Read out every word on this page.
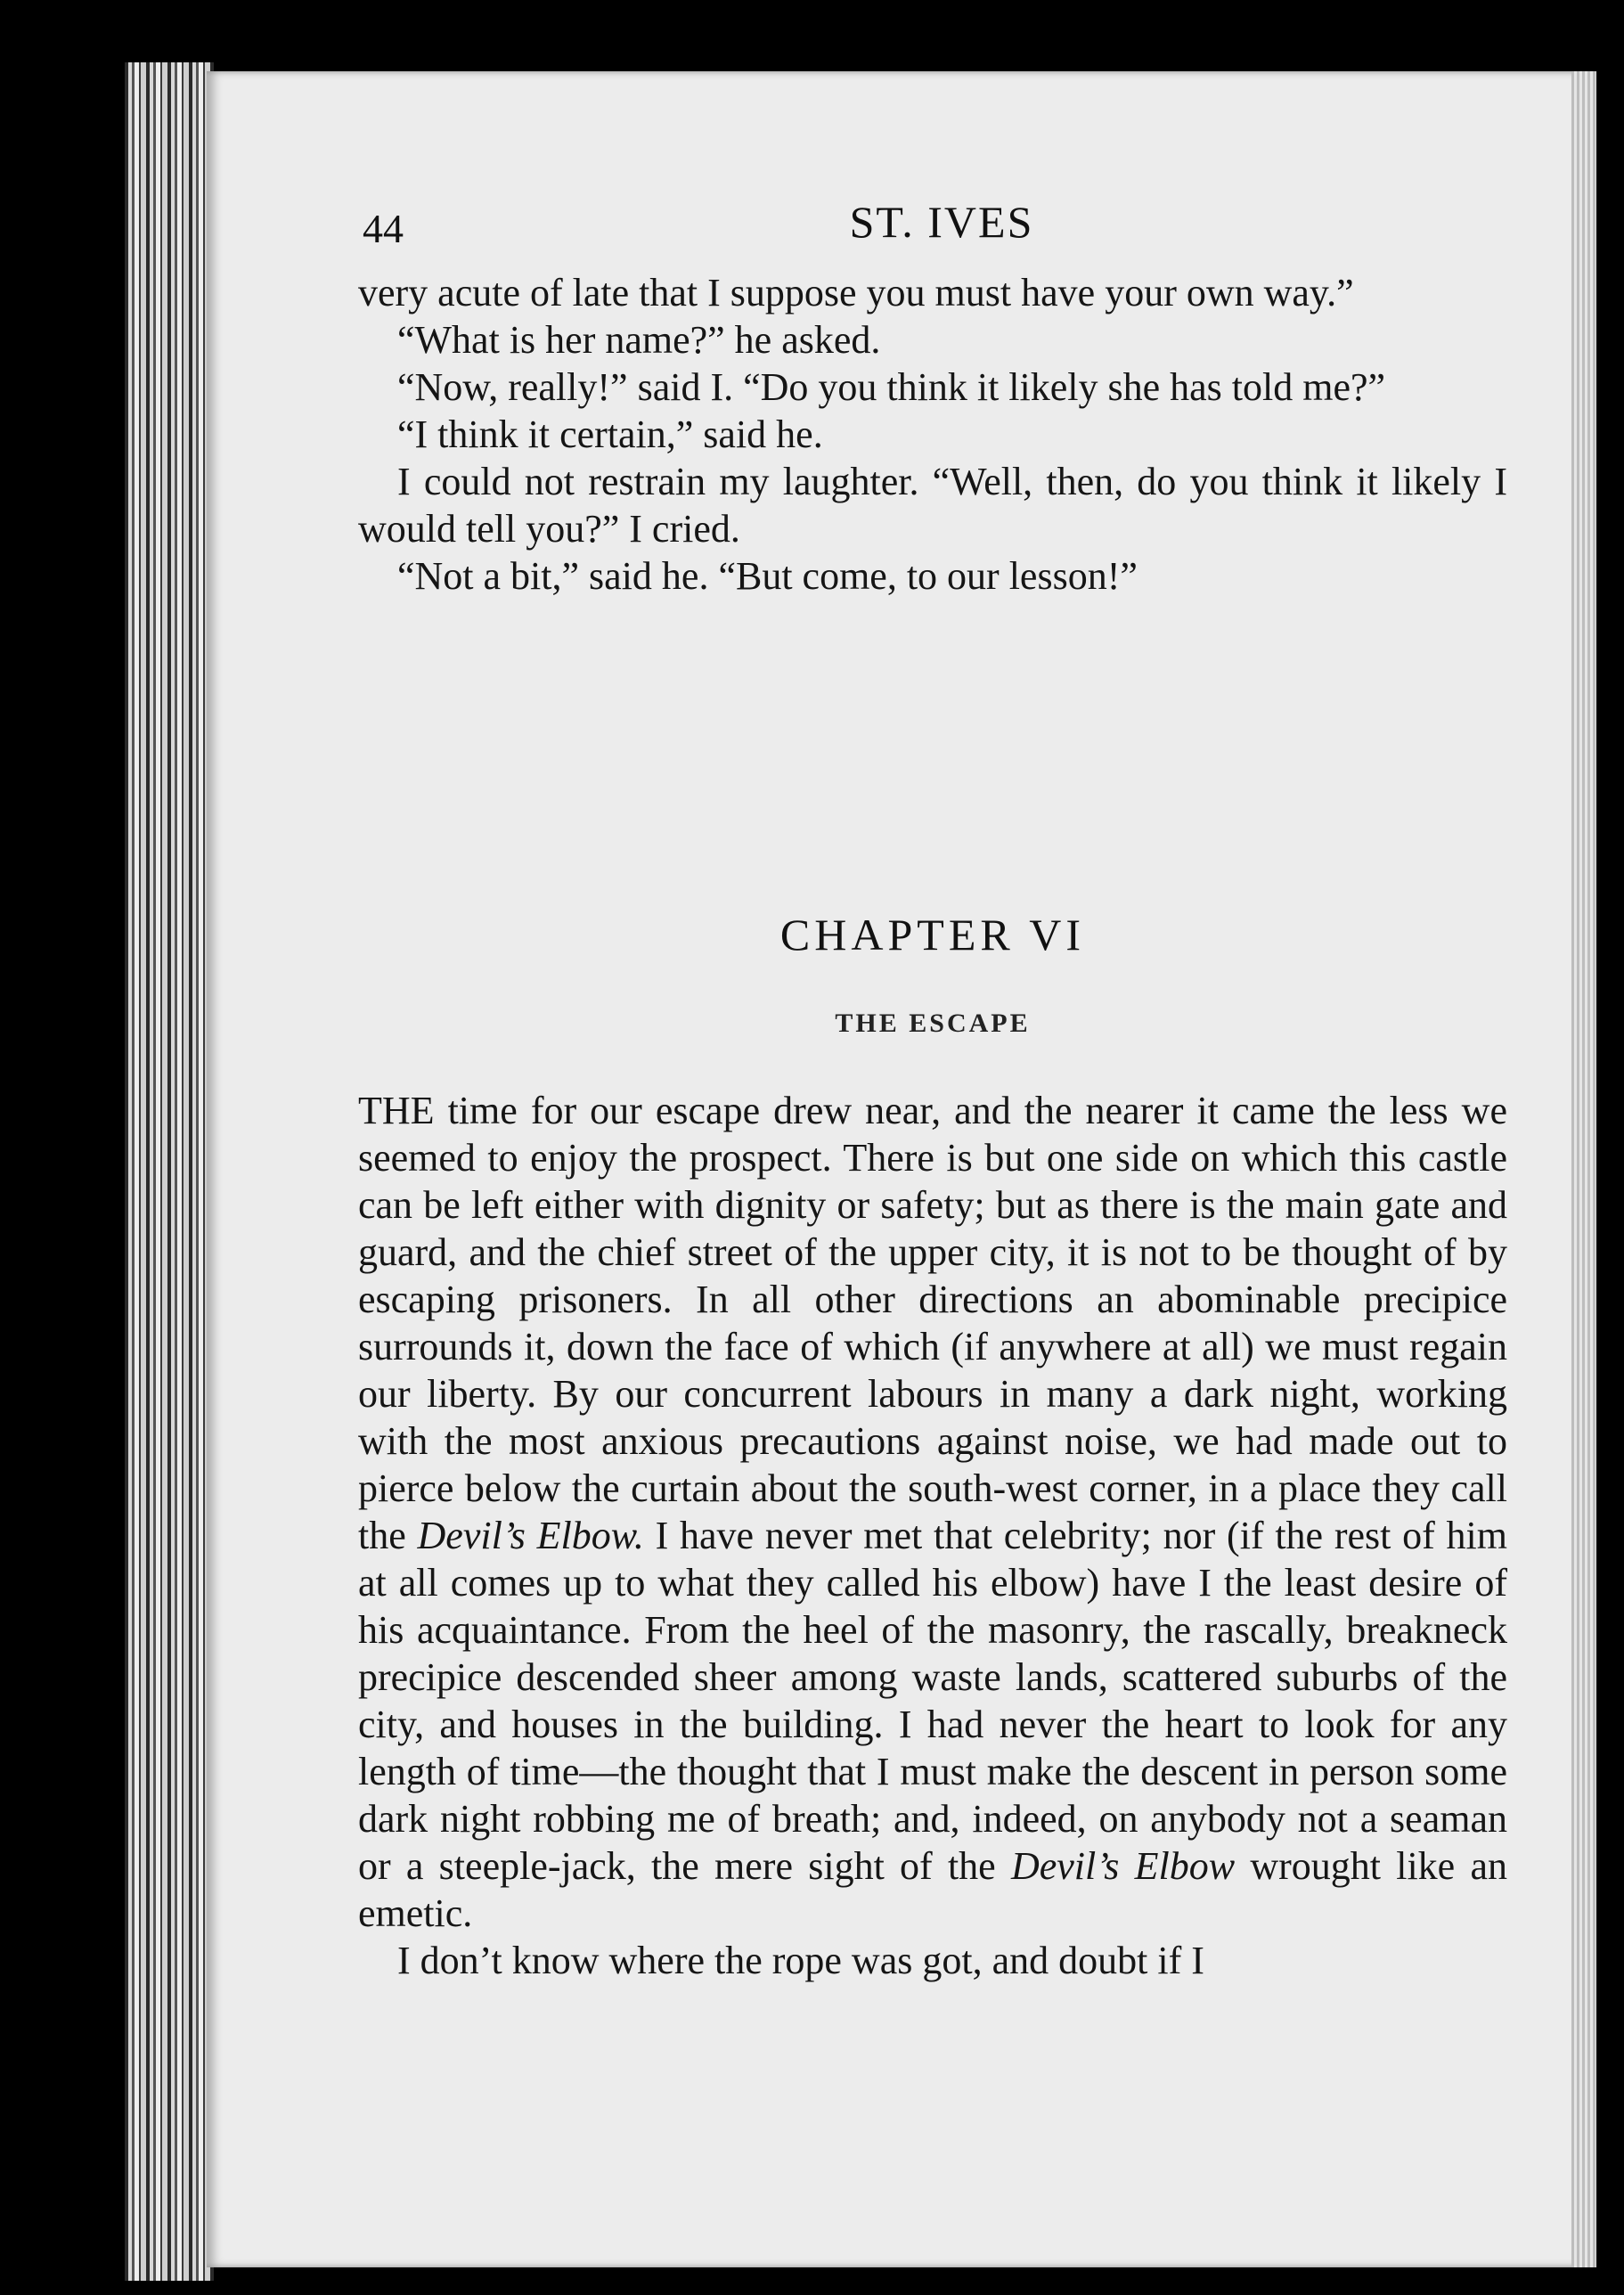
44	ST. IVES

very acute of late that I suppose you must have your own way.”

“What is her name?” he asked.

“Now, really!” said I. “Do you think it likely she has told me?”

“I think it certain,” said he.

I could not restrain my laughter. “Well, then, do you think it likely I would tell you?” I cried.

“Not a bit,” said he. “But come, to our lesson!”

CHAPTER VI
THE ESCAPE

THE time for our escape drew near, and the nearer it came the less we seemed to enjoy the prospect. There is but one side on which this castle can be left either with dignity or safety; but as there is the main gate and guard, and the chief street of the upper city, it is not to be thought of by escaping prisoners. In all other directions an abominable precipice surrounds it, down the face of which (if anywhere at all) we must regain our liberty. By our concurrent labours in many a dark night, working with the most anxious precautions against noise, we had made out to pierce below the curtain about the south-west corner, in a place they call the Devil’s Elbow. I have never met that celebrity; nor (if the rest of him at all comes up to what they called his elbow) have I the least desire of his acquaintance. From the heel of the masonry, the rascally, breakneck precipice descended sheer among waste lands, scattered suburbs of the city, and houses in the building. I had never the heart to look for any length of time—the thought that I must make the descent in person some dark night robbing me of breath; and, indeed, on anybody not a seaman or a steeple-jack, the mere sight of the Devil’s Elbow wrought like an emetic.

I don’t know where the rope was got, and doubt if I
